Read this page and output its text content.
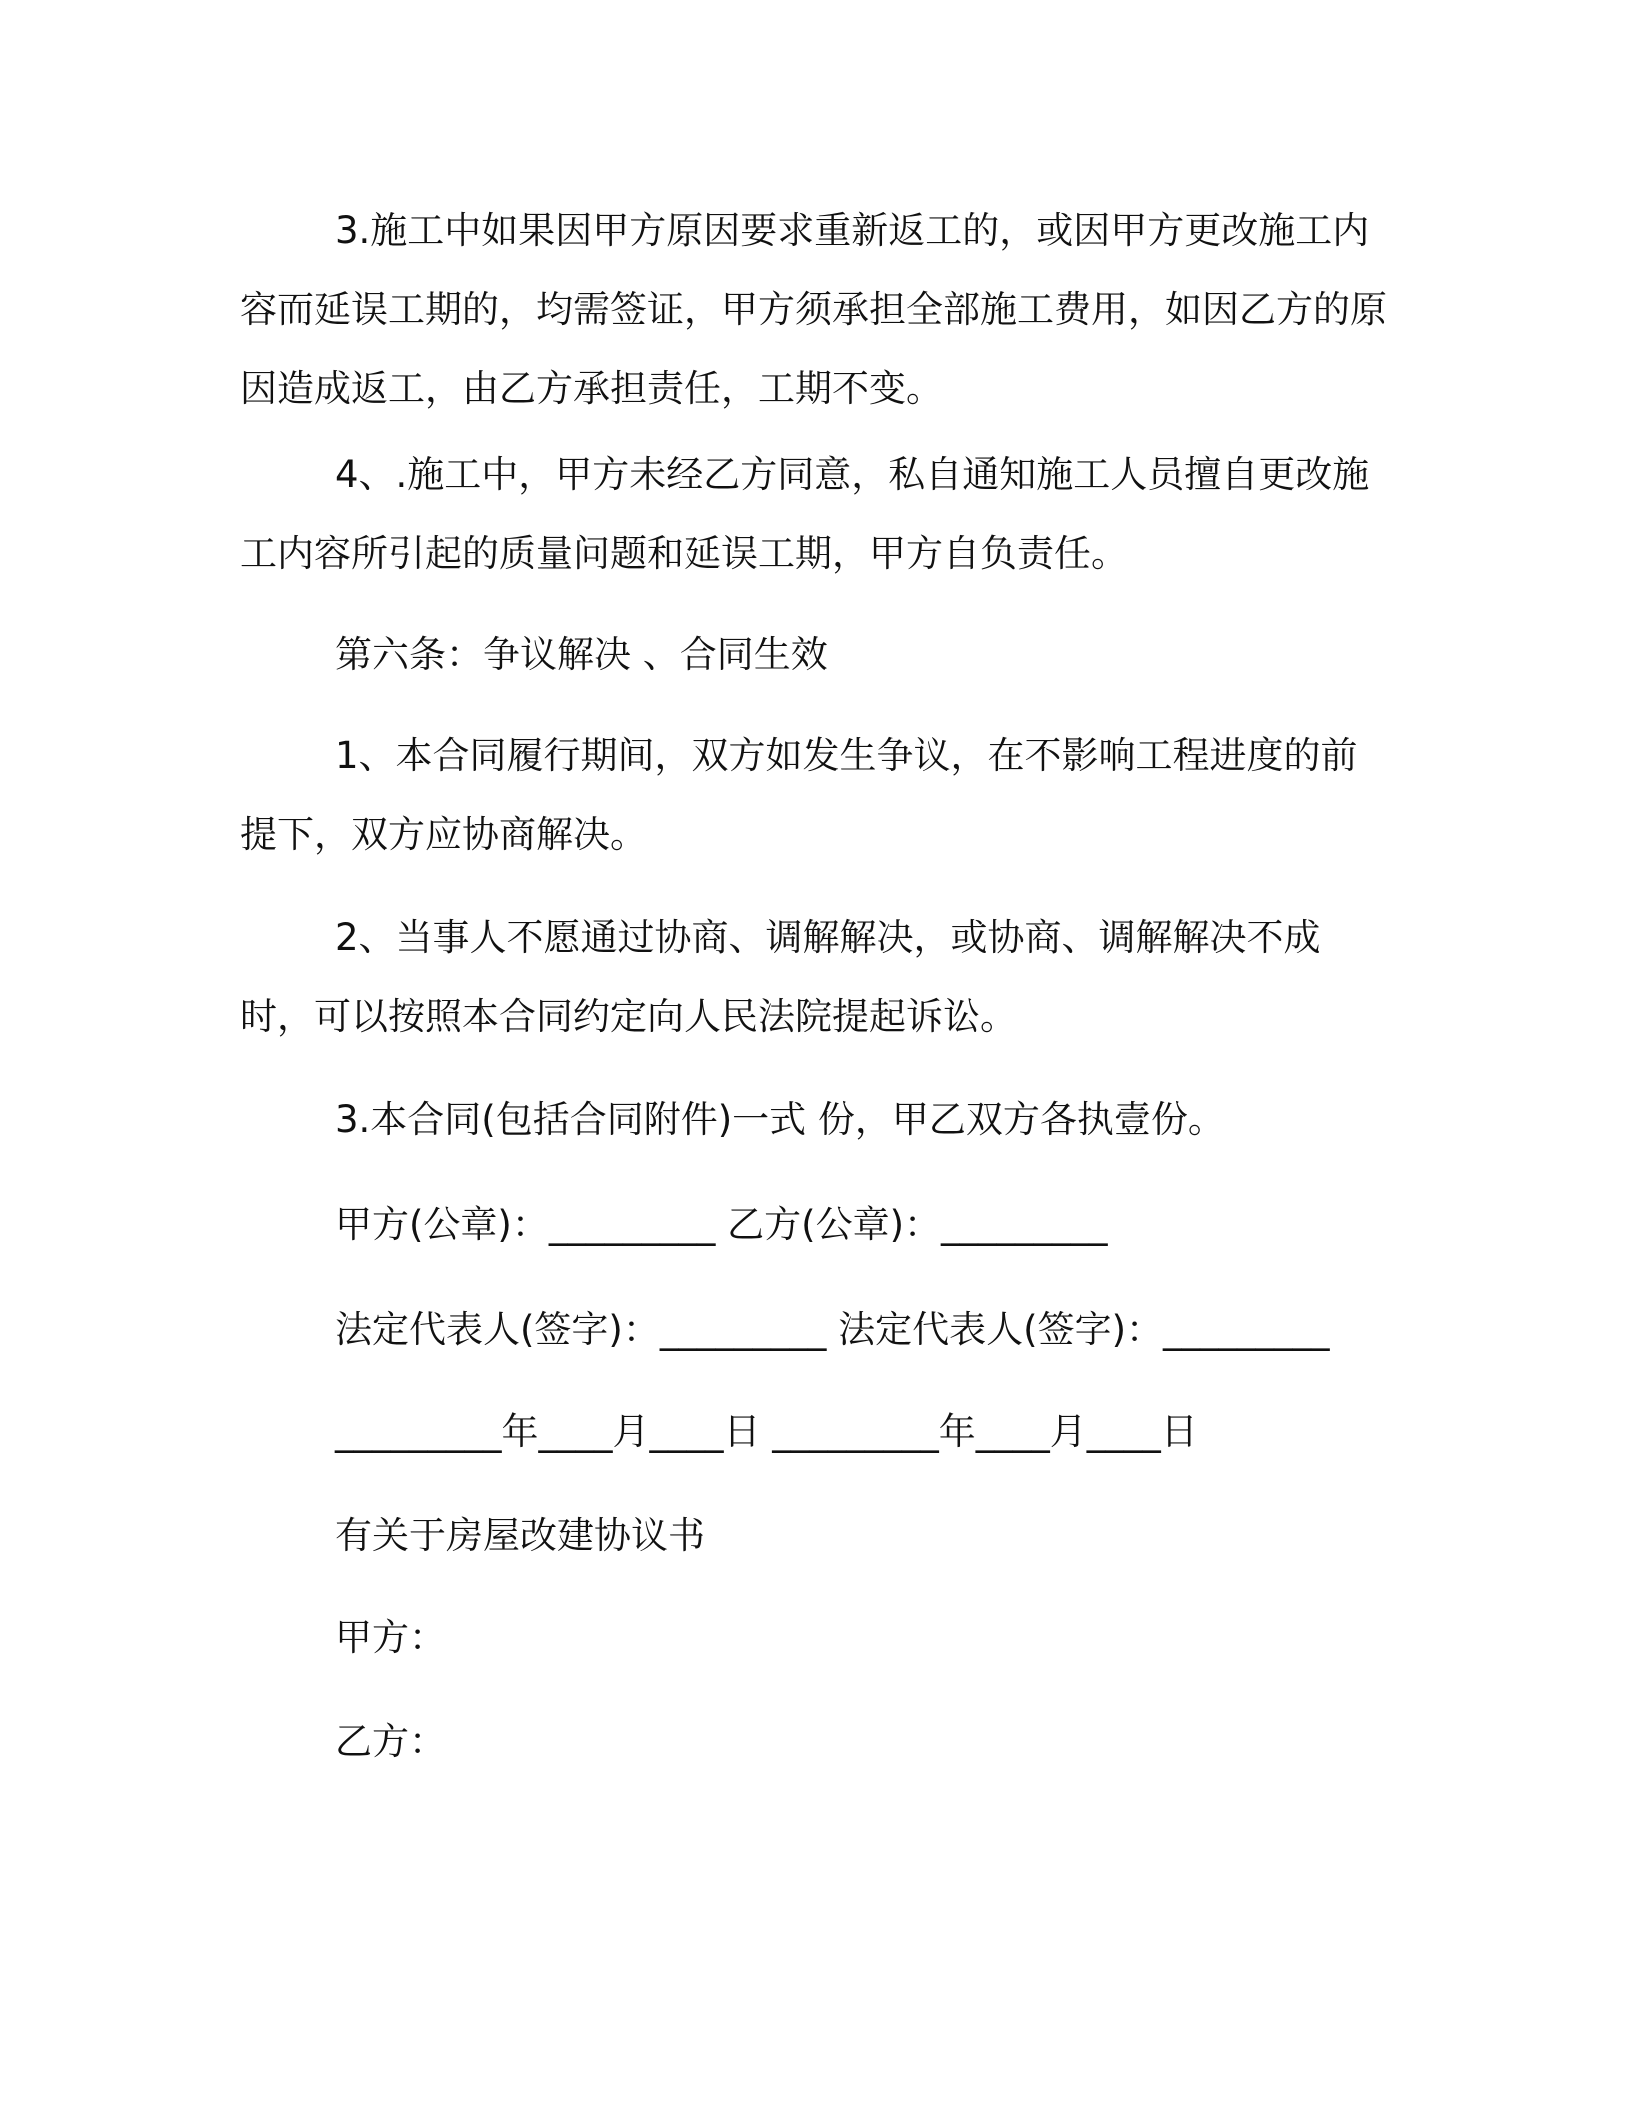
3.施工中如果因甲方原因要求重新返工的，或因甲方更改施工内容而延误工期的，均需签证，甲方须承担全部施工费用，如因乙方的原因造成返工，由乙方承担责任，工期不变。

4、.施工中，甲方未经乙方同意，私自通知施工人员擅自更改施工内容所引起的质量问题和延误工期，甲方自负责任。

第六条：争议解决 、合同生效

1、本合同履行期间，双方如发生争议，在不影响工程进度的前提下，双方应协商解决。

2、当事人不愿通过协商、调解解决，或协商、调解解决不成时，可以按照本合同约定向人民法院提起诉讼。

3.本合同(包括合同附件)一式 份，甲乙双方各执壹份。

甲方(公章)：_________ 乙方(公章)：_________

法定代表人(签字)：_________ 法定代表人(签字)：_________

_________年____月____日 _________年____月____日

有关于房屋改建协议书

甲方：

乙方：
